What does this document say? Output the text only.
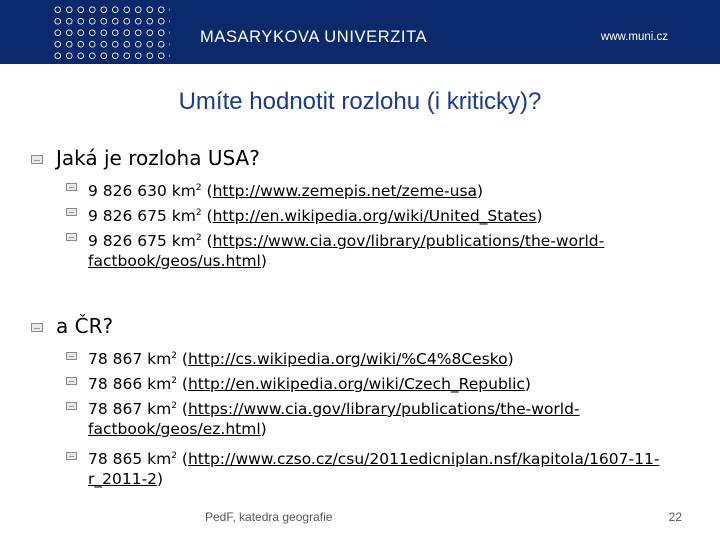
MASARYKOVA UNIVERZITA	www.muni.cz
Umíte hodnotit rozlohu (i kriticky)?
Jaká je rozloha USA?
9 826 630 $km^2$ (http://www.zemepis.net/zeme-usa)
9 826 675 $km^2$ (http://en.wikipedia.org/wiki/United_States)
9 826 675 $km^2$ (https://www.cia.gov/library/publications/the-world-factbook/geos/us.html)
a ČR?
78 867 $km^2$ (http://cs.wikipedia.org/wiki/%C4%8Cesko)
78 866 $km^2$ (http://en.wikipedia.org/wiki/Czech_Republic)
78 867 $km^2$ (https://www.cia.gov/library/publications/the-world-factbook/geos/ez.html)
78 865 $km^2$ (http://www.czso.cz/csu/2011edicniplan.nsf/kapitola/1607-11-r_2011-2)
PedF, katedra geografie	22
